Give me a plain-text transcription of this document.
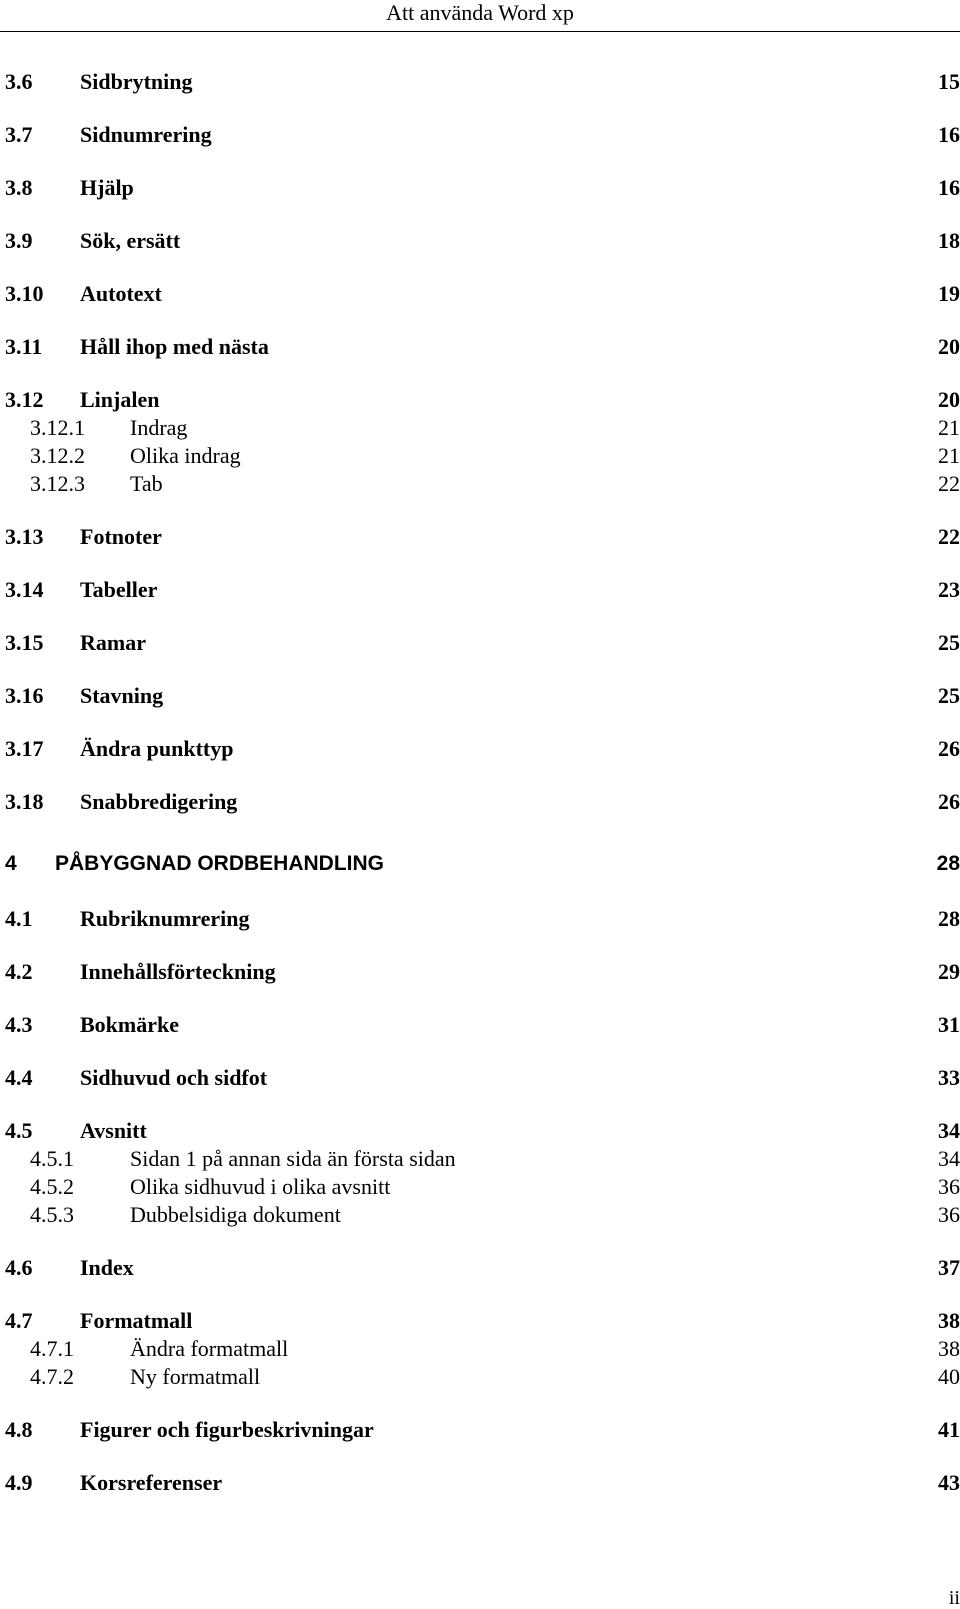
Att använda Word xp
3.6 Sidbrytning	15
3.7 Sidnumrering	16
3.8 Hjälp	16
3.9 Sök, ersätt	18
3.10 Autotext	19
3.11 Håll ihop med nästa	20
3.12 Linjalen	20
3.12.1 Indrag	21
3.12.2 Olika indrag	21
3.12.3 Tab	22
3.13 Fotnoter	22
3.14 Tabeller	23
3.15 Ramar	25
3.16 Stavning	25
3.17 Ändra punkttyp	26
3.18 Snabbredigering	26
4 PÅBYGGNAD ORDBEHANDLING	28
4.1 Rubriknumrering	28
4.2 Innehållsförteckning	29
4.3 Bokmärke	31
4.4 Sidhuvud och sidfot	33
4.5 Avsnitt	34
4.5.1	Sidan 1 på annan sida än första sidan	34
4.5.2	Olika sidhuvud i olika avsnitt	36
4.5.3	Dubbelsidiga dokument	36
4.6 Index	37
4.7 Formatmall	38
4.7.1	Ändra formatmall	38
4.7.2	Ny formatmall	40
4.8 Figurer och figurbeskrivningar	41
4.9 Korsreferenser	43
ii
